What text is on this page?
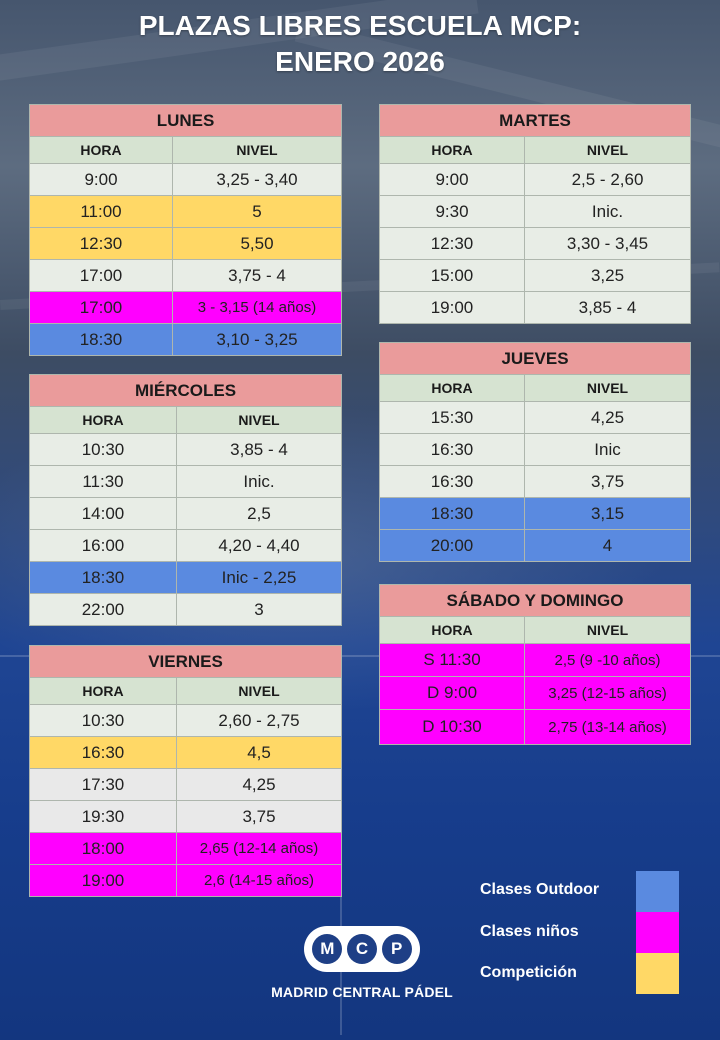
PLAZAS LIBRES ESCUELA MCP:
ENERO 2026
LUNES	
HORA	NIVEL
9:00	3,25 - 3,40
11:00	5
12:30	5,50
17:00	3,75 - 4
17:00	3 - 3,15 (14 años)
18:30	3,10 - 3,25
MARTES	
HORA	NIVEL
9:00	2,5 - 2,60
9:30	Inic.
12:30	3,30 - 3,45
15:00	3,25
19:00	3,85 - 4
MIÉRCOLES	
HORA	NIVEL
10:30	3,85 - 4
11:30	Inic.
14:00	2,5
16:00	4,20 - 4,40
18:30	Inic - 2,25
22:00	3
JUEVES	
HORA	NIVEL
15:30	4,25
16:30	Inic
16:30	3,75
18:30	3,15
20:00	4
VIERNES	
HORA	NIVEL
10:30	2,60 - 2,75
16:30	4,5
17:30	4,25
19:30	3,75
18:00	2,65 (12-14 años)
19:00	2,6 (14-15 años)
SÁBADO Y DOMINGO	
HORA	NIVEL
S 11:30	2,5 (9 -10 años)
D 9:00	3,25 (12-15 años)
D 10:30	2,75 (13-14 años)
Clases Outdoor
Clases niños
Competición
M	C	P
MADRID CENTRAL PÁDEL
